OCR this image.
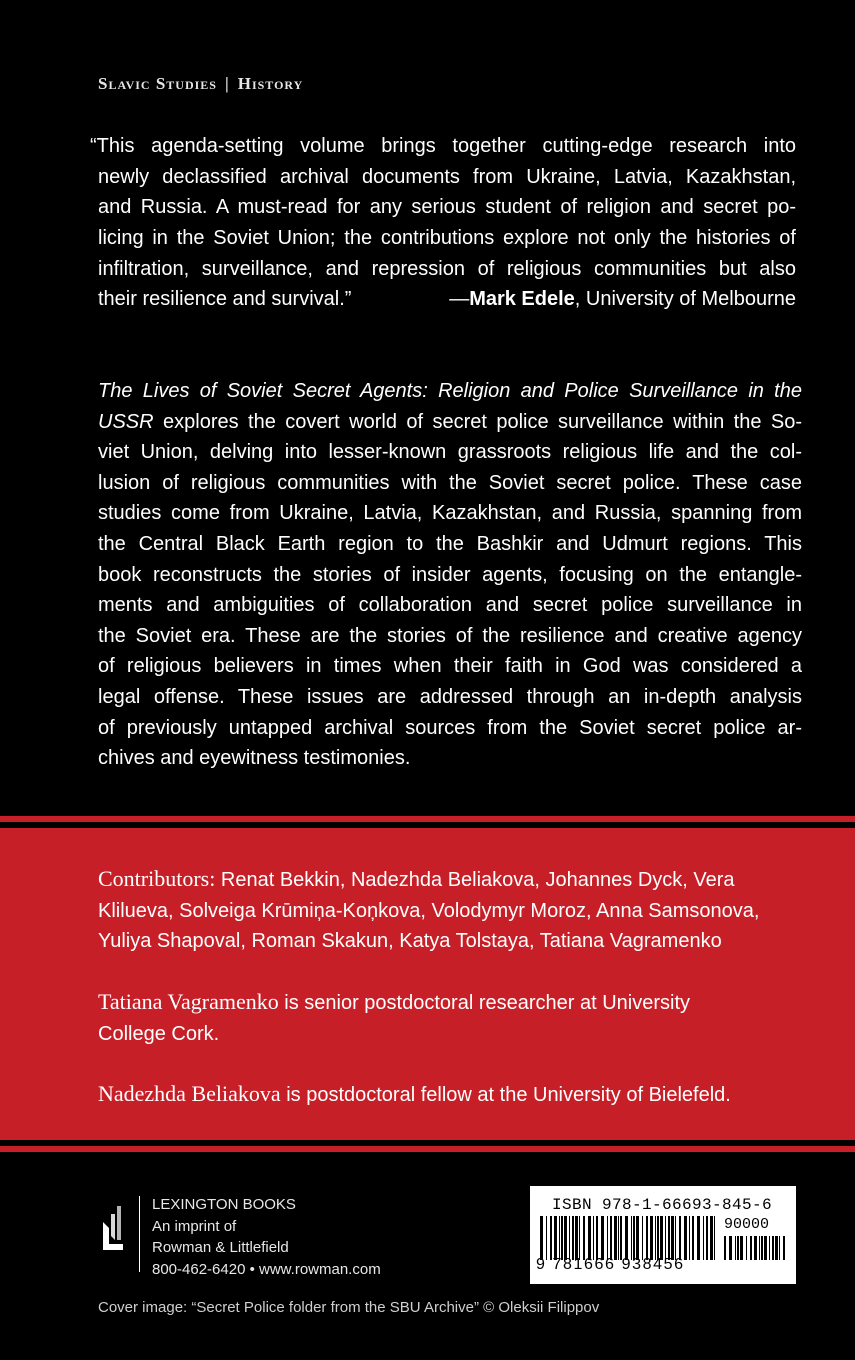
Slavic Studies | History
“This agenda-setting volume brings together cutting-edge research into
newly declassified archival documents from Ukraine, Latvia, Kazakhstan,
and Russia. A must-read for any serious student of religion and secret po-
licing in the Soviet Union; the contributions explore not only the histories of
infiltration, surveillance, and repression of religious communities but also
their resilience and survival.”	—Mark Edele, University of Melbourne
The Lives of Soviet Secret Agents: Religion and Police Surveillance in the
USSR explores the covert world of secret police surveillance within the So-
viet Union, delving into lesser-known grassroots religious life and the col-
lusion of religious communities with the Soviet secret police. These case
studies come from Ukraine, Latvia, Kazakhstan, and Russia, spanning from
the Central Black Earth region to the Bashkir and Udmurt regions. This
book reconstructs the stories of insider agents, focusing on the entangle-
ments and ambiguities of collaboration and secret police surveillance in
the Soviet era. These are the stories of the resilience and creative agency
of religious believers in times when their faith in God was considered a
legal offense. These issues are addressed through an in-depth analysis
of previously untapped archival sources from the Soviet secret police ar-
chives and eyewitness testimonies.
Contributors: Renat Bekkin, Nadezhda Beliakova, Johannes Dyck, Vera
Klilueva, Solveiga Krūmiņa-Koņkova, Volodymyr Moroz, Anna Samsonova,
Yuliya Shapoval, Roman Skakun, Katya Tolstaya, Tatiana Vagramenko
Tatiana Vagramenko is senior postdoctoral researcher at University
College Cork.
Nadezhda Beliakova is postdoctoral fellow at the University of Bielefeld.
LEXINGTON BOOKS
An imprint of
Rowman & Littlefield
800-462-6420 • www.rowman.com
ISBN 978-1-66693-845-6
90000
9 781666 938456
Cover image: “Secret Police folder from the SBU Archive” © Oleksii Filippov
